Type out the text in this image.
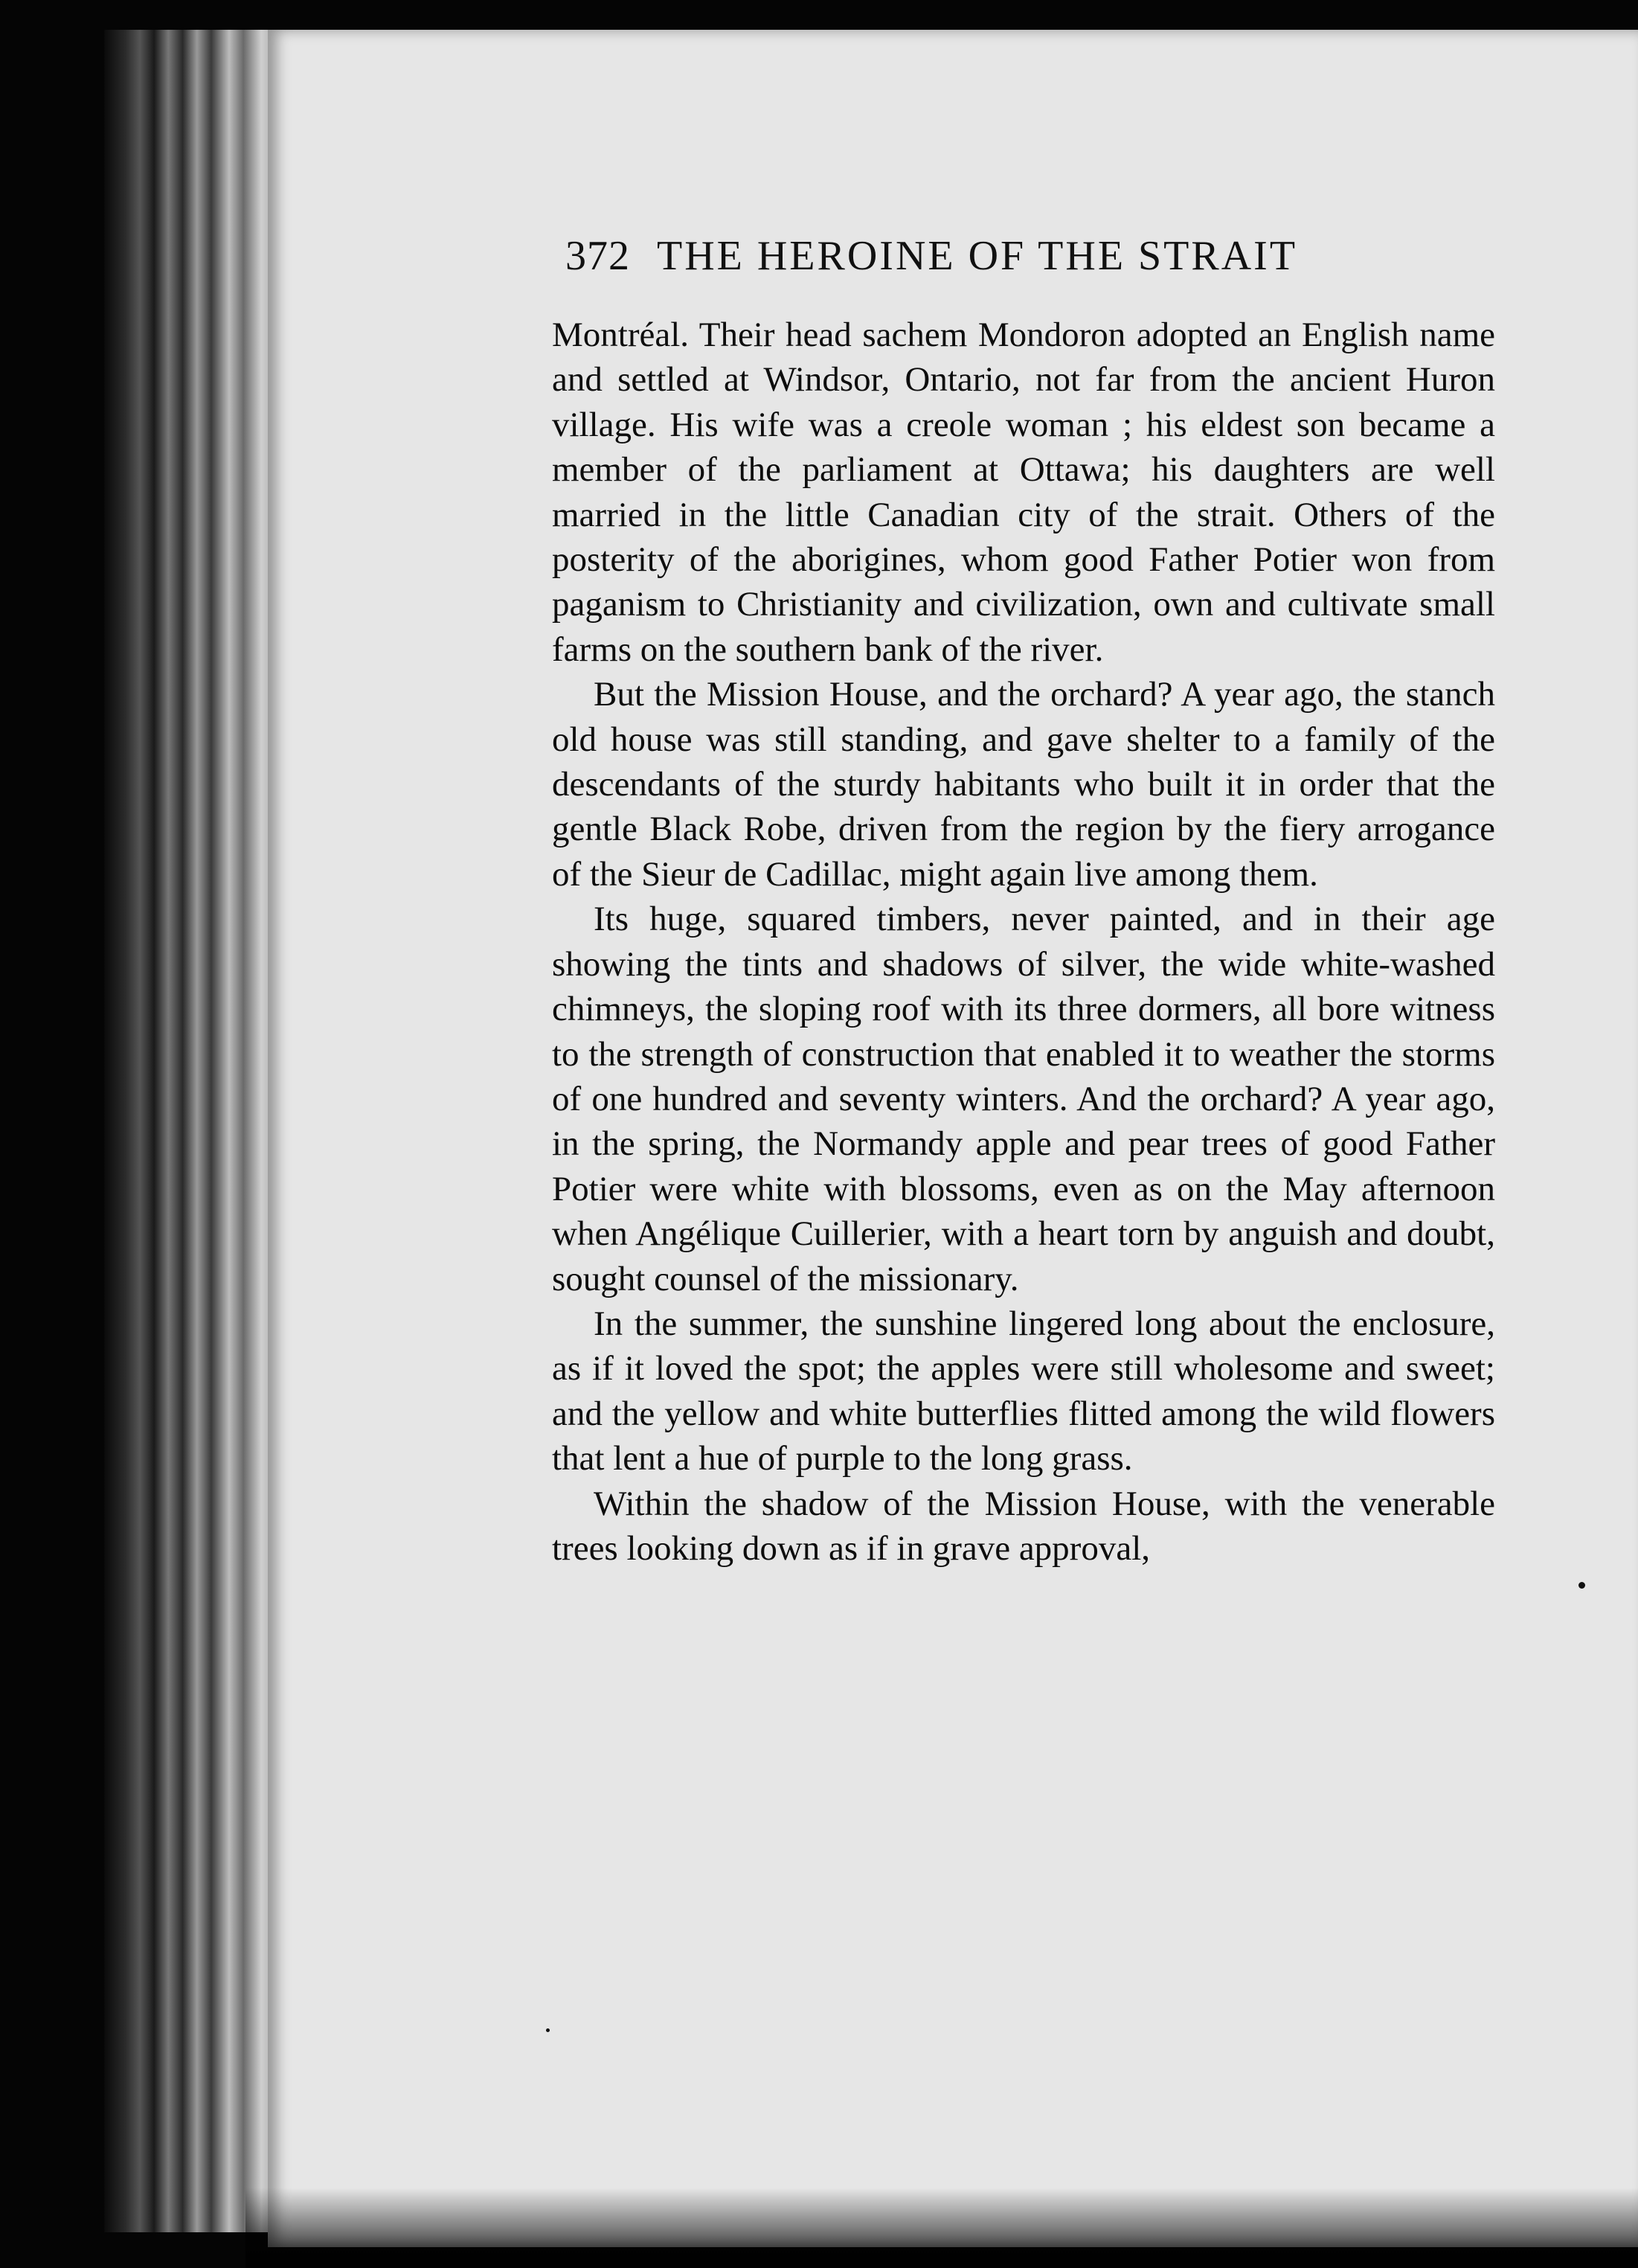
372 THE HEROINE OF THE STRAIT

Montréal. Their head sachem Mondoron adopted an English name and settled at Windsor, Ontario, not far from the ancient Huron village. His wife was a creole woman ; his eldest son became a member of the parliament at Ottawa; his daughters are well married in the little Canadian city of the strait. Others of the posterity of the aborigines, whom good Father Potier won from paganism to Christianity and civilization, own and cultivate small farms on the southern bank of the river.

But the Mission House, and the orchard? A year ago, the stanch old house was still standing, and gave shelter to a family of the descendants of the sturdy habitants who built it in order that the gentle Black Robe, driven from the region by the fiery arrogance of the Sieur de Cadillac, might again live among them.

Its huge, squared timbers, never painted, and in their age showing the tints and shadows of silver, the wide white-washed chimneys, the sloping roof with its three dormers, all bore witness to the strength of construction that enabled it to weather the storms of one hundred and seventy winters. And the orchard? A year ago, in the spring, the Normandy apple and pear trees of good Father Potier were white with blossoms, even as on the May afternoon when Angélique Cuillerier, with a heart torn by anguish and doubt, sought counsel of the missionary.

In the summer, the sunshine lingered long about the enclosure, as if it loved the spot; the apples were still wholesome and sweet; and the yellow and white butterflies flitted among the wild flowers that lent a hue of purple to the long grass.

Within the shadow of the Mission House, with the venerable trees looking down as if in grave approval,
